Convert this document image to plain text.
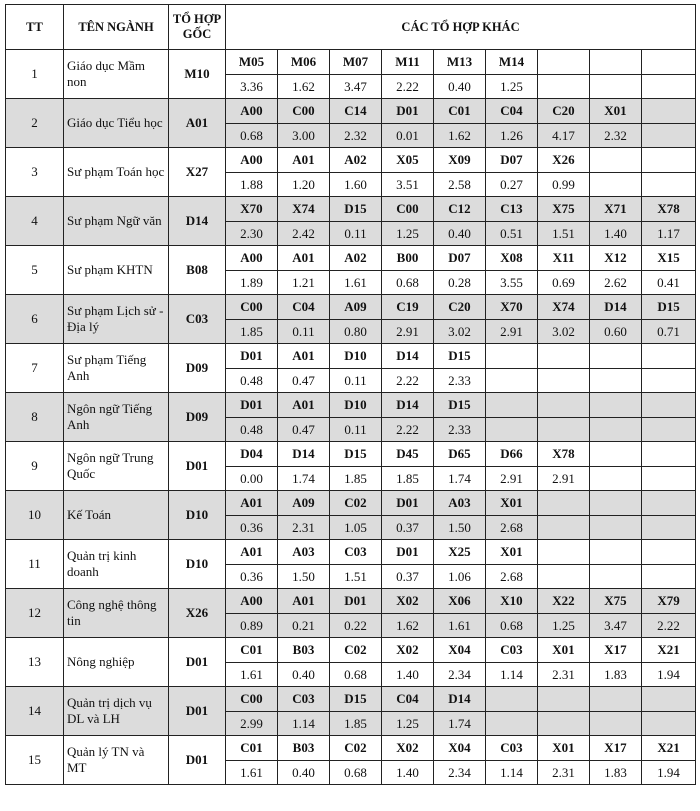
TT	TÊN NGÀNH	TỔ HỢP GỐC	CÁC TỔ HỢP KHÁC								
1	Giáo dục Mầm non	M10	M05	M06	M07	M11	M13	M14			
			3.36	1.62	3.47	2.22	0.40	1.25			
2	Giáo dục Tiểu học	A01	A00	C00	C14	D01	C01	C04	C20	X01	
			0.68	3.00	2.32	0.01	1.62	1.26	4.17	2.32	
3	Sư phạm Toán học	X27	A00	A01	A02	X05	X09	D07	X26		
			1.88	1.20	1.60	3.51	2.58	0.27	0.99		
4	Sư phạm Ngữ văn	D14	X70	X74	D15	C00	C12	C13	X75	X71	X78
			2.30	2.42	0.11	1.25	0.40	0.51	1.51	1.40	1.17
5	Sư phạm KHTN	B08	A00	A01	A02	B00	D07	X08	X11	X12	X15
			1.89	1.21	1.61	0.68	0.28	3.55	0.69	2.62	0.41
6	Sư phạm Lịch sử - Địa lý	C03	C00	C04	A09	C19	C20	X70	X74	D14	D15
			1.85	0.11	0.80	2.91	3.02	2.91	3.02	0.60	0.71
7	Sư phạm Tiếng Anh	D09	D01	A01	D10	D14	D15				
			0.48	0.47	0.11	2.22	2.33				
8	Ngôn ngữ Tiếng Anh	D09	D01	A01	D10	D14	D15				
			0.48	0.47	0.11	2.22	2.33				
9	Ngôn ngữ Trung Quốc	D01	D04	D14	D15	D45	D65	D66	X78		
			0.00	1.74	1.85	1.85	1.74	2.91	2.91		
10	Kế Toán	D10	A01	A09	C02	D01	A03	X01			
			0.36	2.31	1.05	0.37	1.50	2.68			
11	Quản trị kinh doanh	D10	A01	A03	C03	D01	X25	X01			
			0.36	1.50	1.51	0.37	1.06	2.68			
12	Công nghệ thông tin	X26	A00	A01	D01	X02	X06	X10	X22	X75	X79
			0.89	0.21	0.22	1.62	1.61	0.68	1.25	3.47	2.22
13	Nông nghiệp	D01	C01	B03	C02	X02	X04	C03	X01	X17	X21
			1.61	0.40	0.68	1.40	2.34	1.14	2.31	1.83	1.94
14	Quản trị dịch vụ DL và LH	D01	C00	C03	D15	C04	D14				
			2.99	1.14	1.85	1.25	1.74				
15	Quản lý TN và MT	D01	C01	B03	C02	X02	X04	C03	X01	X17	X21
			1.61	0.40	0.68	1.40	2.34	1.14	2.31	1.83	1.94
